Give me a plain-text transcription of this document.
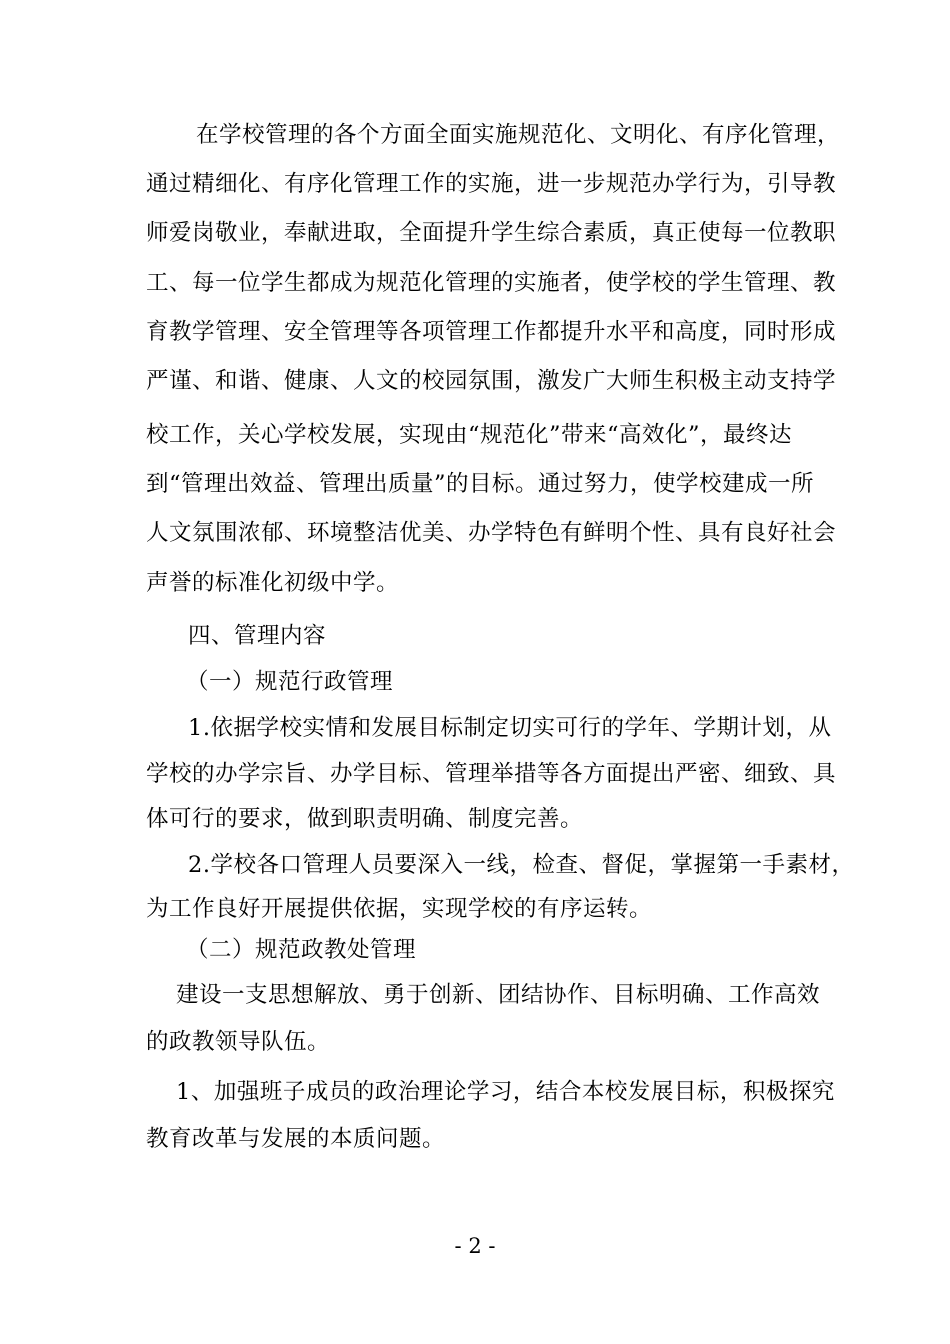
在学校管理的各个方面全面实施规范化、文明化、有序化管理，
通过精细化、有序化管理工作的实施，进一步规范办学行为，引导教
师爱岗敬业，奉献进取，全面提升学生综合素质，真正使每一位教职
工、每一位学生都成为规范化管理的实施者，使学校的学生管理、教
育教学管理、安全管理等各项管理工作都提升水平和高度，同时形成
严谨、和谐、健康、人文的校园氛围，激发广大师生积极主动支持学
校工作，关心学校发展，实现由“规范化”带来“高效化”，最终达
到“管理出效益、管理出质量”的目标。通过努力，使学校建成一所
人文氛围浓郁、环境整洁优美、办学特色有鲜明个性、具有良好社会
声誉的标准化初级中学。
四、管理内容
（一）规范行政管理
1.依据学校实情和发展目标制定切实可行的学年、学期计划，从
学校的办学宗旨、办学目标、管理举措等各方面提出严密、细致、具
体可行的要求，做到职责明确、制度完善。
2.学校各口管理人员要深入一线，检查、督促，掌握第一手素材，
为工作良好开展提供依据，实现学校的有序运转。
（二）规范政教处管理
建设一支思想解放、勇于创新、团结协作、目标明确、工作高效
的政教领导队伍。
1、加强班子成员的政治理论学习，结合本校发展目标，积极探究
教育改革与发展的本质问题。
- 2 -
